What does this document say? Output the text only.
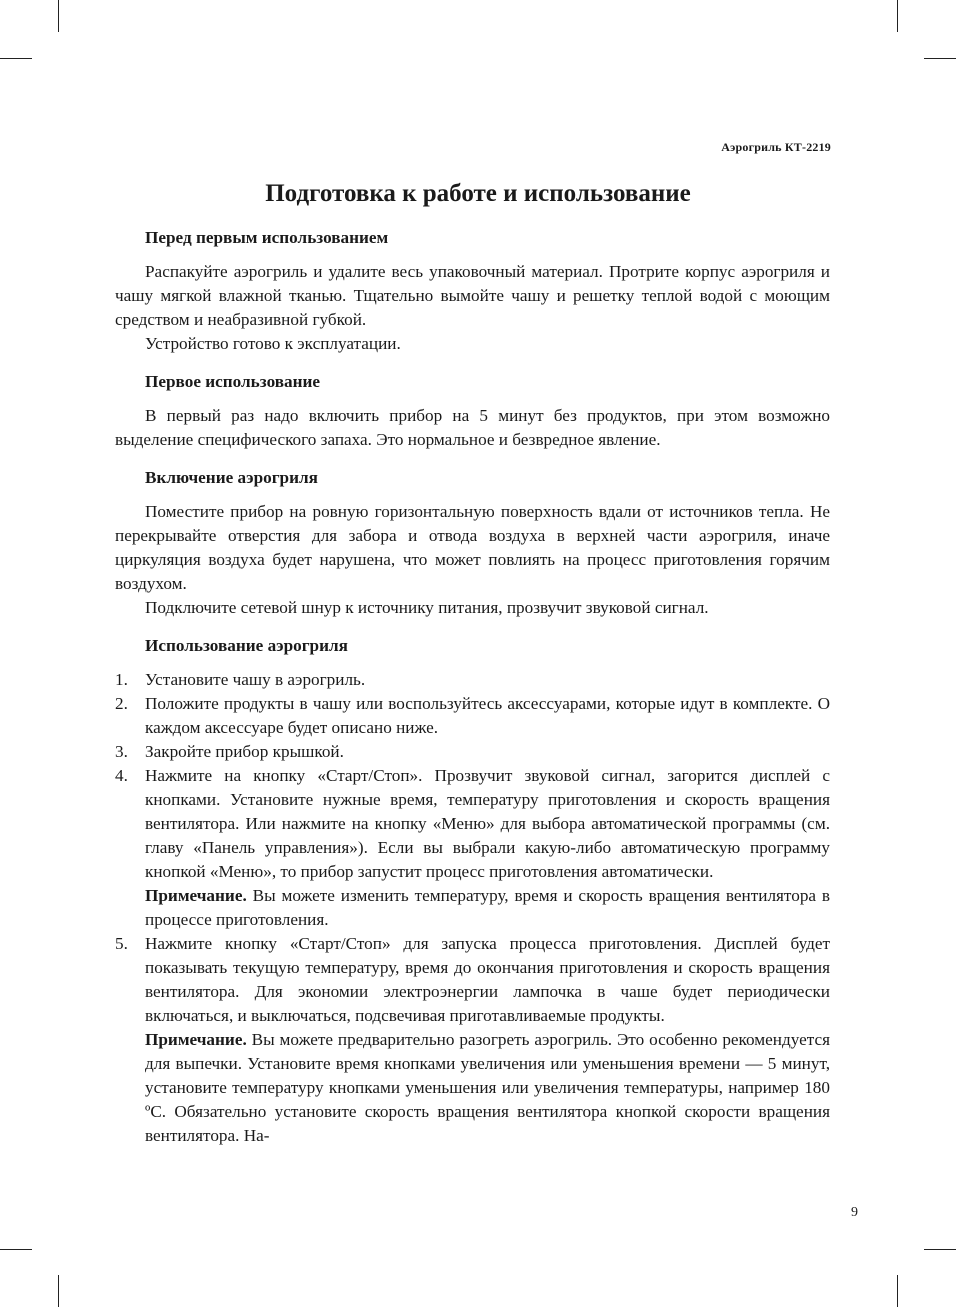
Аэрогриль КТ-2219
Подготовка к работе и использование
Перед первым использованием

Распакуйте аэрогриль и удалите весь упаковочный материал. Протрите корпус аэрогриля и чашу мягкой влажной тканью. Тщательно вымойте чашу и решетку теплой водой с моющим средством и неабразивной губкой.

Устройство готово к эксплуатации.

Первое использование

В первый раз надо включить прибор на 5 минут без продуктов, при этом возможно выделение специфического запаха. Это нормальное и безвредное явление.

Включение аэрогриля

Поместите прибор на ровную горизонтальную поверхность вдали от источников тепла. Не перекрывайте отверстия для забора и отвода воздуха в верхней части аэрогриля, иначе циркуляция воздуха будет нарушена, что может повлиять на процесс приготовления горячим воздухом.

Подключите сетевой шнур к источнику питания, прозвучит звуковой сигнал.

Использование аэрогриля
1. Установите чашу в аэрогриль.
2. Положите продукты в чашу или воспользуйтесь аксессуарами, которые идут в комплекте. О каждом аксессуаре будет описано ниже.
3. Закройте прибор крышкой.
4. Нажмите на кнопку «Старт/Стоп». Прозвучит звуковой сигнал, загорится дисплей с кнопками. Установите нужные время, температуру приготовления и скорость вращения вентилятора. Или нажмите на кнопку «Меню» для выбора автоматической программы (см. главу «Панель управления»). Если вы выбрали какую-либо автоматическую программу кнопкой «Меню», то прибор запустит процесс приготовления автоматически.
Примечание. Вы можете изменить температуру, время и скорость вращения вентилятора в процессе приготовления.
5. Нажмите кнопку «Старт/Стоп» для запуска процесса приготовления. Дисплей будет показывать текущую температуру, время до окончания приготовления и скорость вращения вентилятора. Для экономии электроэнергии лампочка в чаше будет периодически включаться, и выключаться, подсвечивая приготавливаемые продукты.
Примечание. Вы можете предварительно разогреть аэрогриль. Это особенно рекомендуется для выпечки. Установите время кнопками увеличения или уменьшения времени — 5 минут, установите температуру кнопками уменьшения или увеличения температуры, например 180 ºС. Обязательно установите скорость вращения вентилятора кнопкой скорости вращения вентилятора. На-
9
